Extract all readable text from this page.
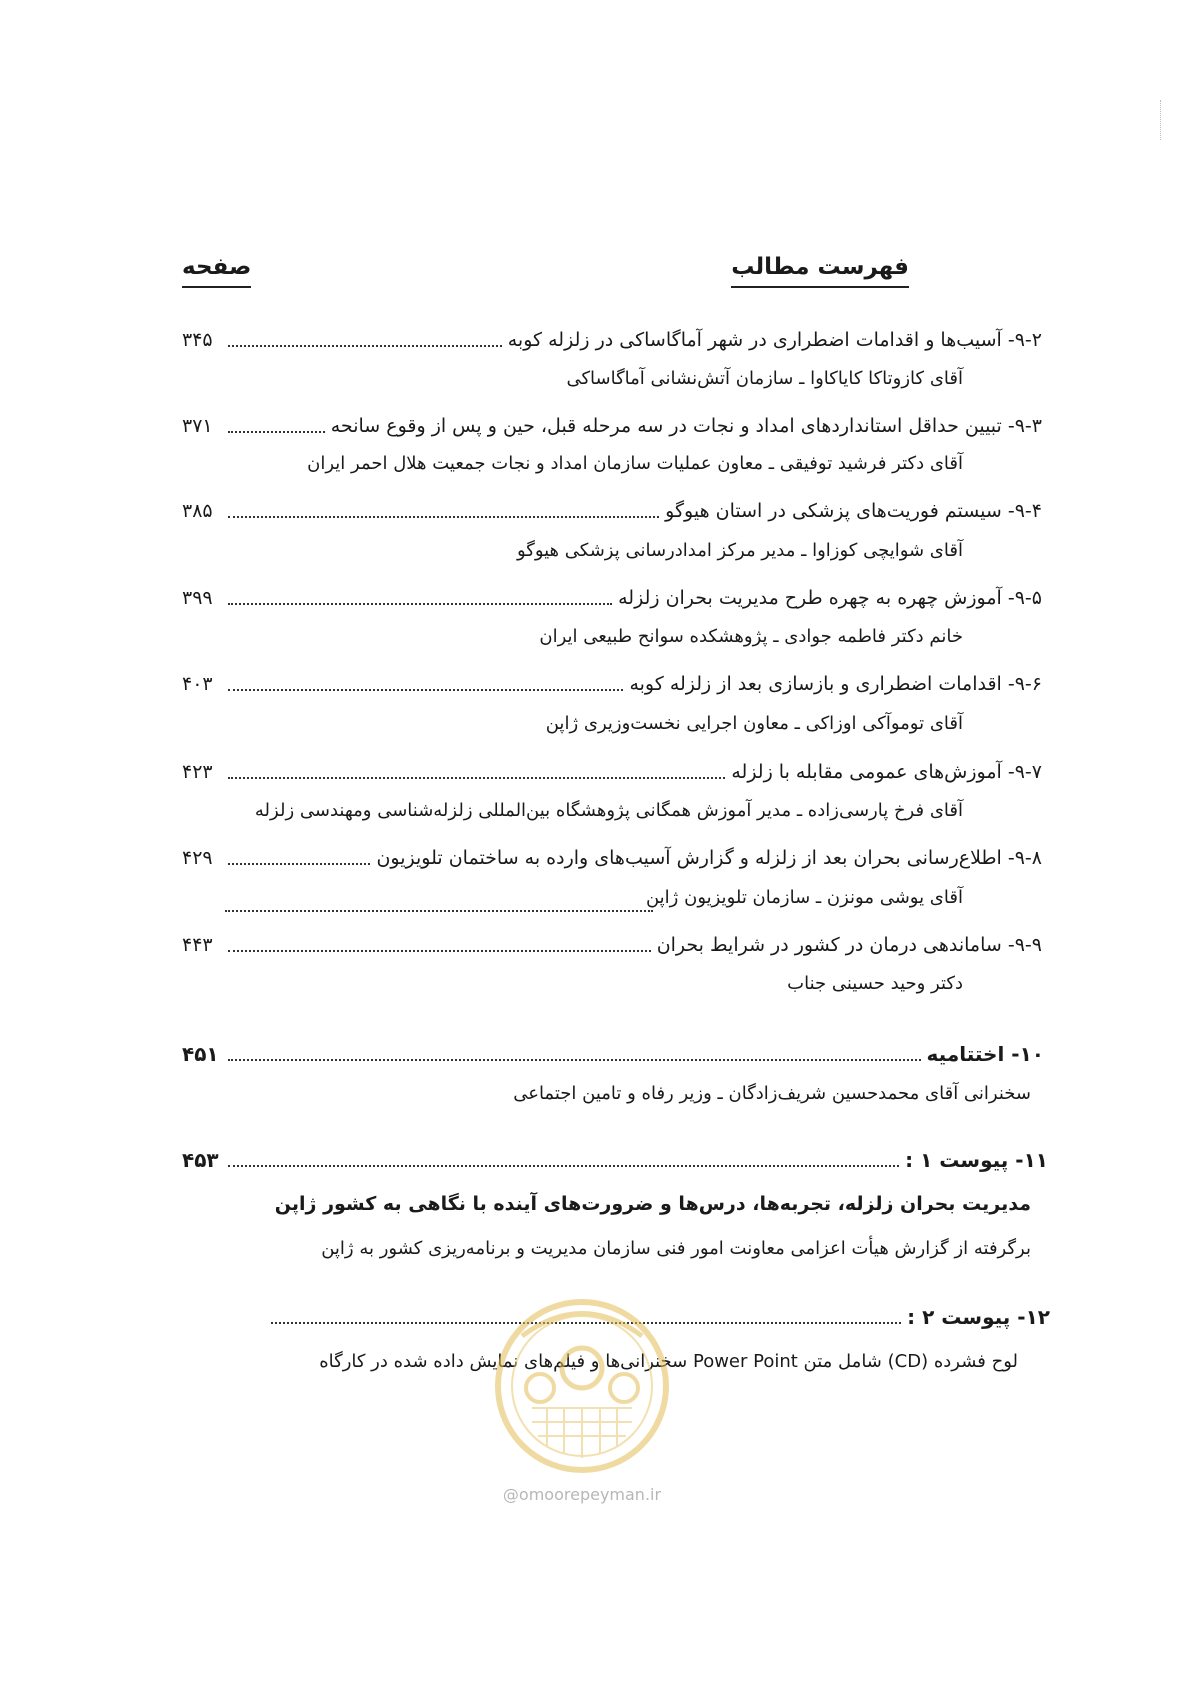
فهرست مطالب
صفحه
۹-۲- آسیب‌ها و اقدامات اضطراری در شهر آماگاساکی در زلزله کوبه
۳۴۵
آقای کازوتاکا کایاکاوا ـ سازمان آتش‌نشانی آماگاساکی
۹-۳- تبیین حداقل استانداردهای امداد و نجات در سه مرحله قبل، حین و پس از وقوع سانحه
۳۷۱
آقای دکتر فرشید توفیقی ـ معاون عملیات سازمان امداد و نجات جمعیت هلال احمر ایران
۹-۴- سیستم فوریت‌های پزشکی در استان هیوگو
۳۸۵
آقای شوایچی کوزاوا ـ مدیر مرکز امدادرسانی پزشکی هیوگو
۹-۵- آموزش چهره به چهره طرح مدیریت بحران زلزله
۳۹۹
خانم دکتر فاطمه جوادی ـ پژوهشکده سوانح طبیعی ایران
۹-۶- اقدامات اضطراری و بازسازی بعد از زلزله کوبه
۴۰۳
آقای توموآکی اوزاکی ـ معاون اجرایی نخست‌وزیری ژاپن
۹-۷- آموزش‌های عمومی مقابله با زلزله
۴۲۳
آقای فرخ پارسی‌زاده ـ مدیر آموزش همگانی پژوهشگاه بین‌المللی زلزله‌شناسی ومهندسی زلزله
۹-۸- اطلاع‌رسانی بحران بعد از زلزله و گزارش آسیب‌های وارده به ساختمان تلویزیون
۴۲۹
آقای یوشی مونزن ـ سازمان تلویزیون ژاپن
۹-۹- ساماندهی درمان در کشور در شرایط بحران
۴۴۳
دکتر وحید حسینی جناب
۱۰- اختتامیه
۴۵۱
سخنرانی آقای محمدحسین شریف‌زادگان ـ وزیر رفاه و تامین اجتماعی
۱۱- پیوست ۱ :
۴۵۳
مدیریت بحران زلزله، تجربه‌ها، درس‌ها و ضرورت‌های آینده با نگاهی به کشور ژاپن
برگرفته از گزارش هیأت اعزامی معاونت امور فنی سازمان مدیریت و برنامه‌ریزی کشور به ژاپن
۱۲- پیوست ۲ :
لوح فشرده (CD) شامل متن Power Point سخنرانی‌ها و فیلم‌های نمایش داده شده در کارگاه
@omoorepeyman.ir
